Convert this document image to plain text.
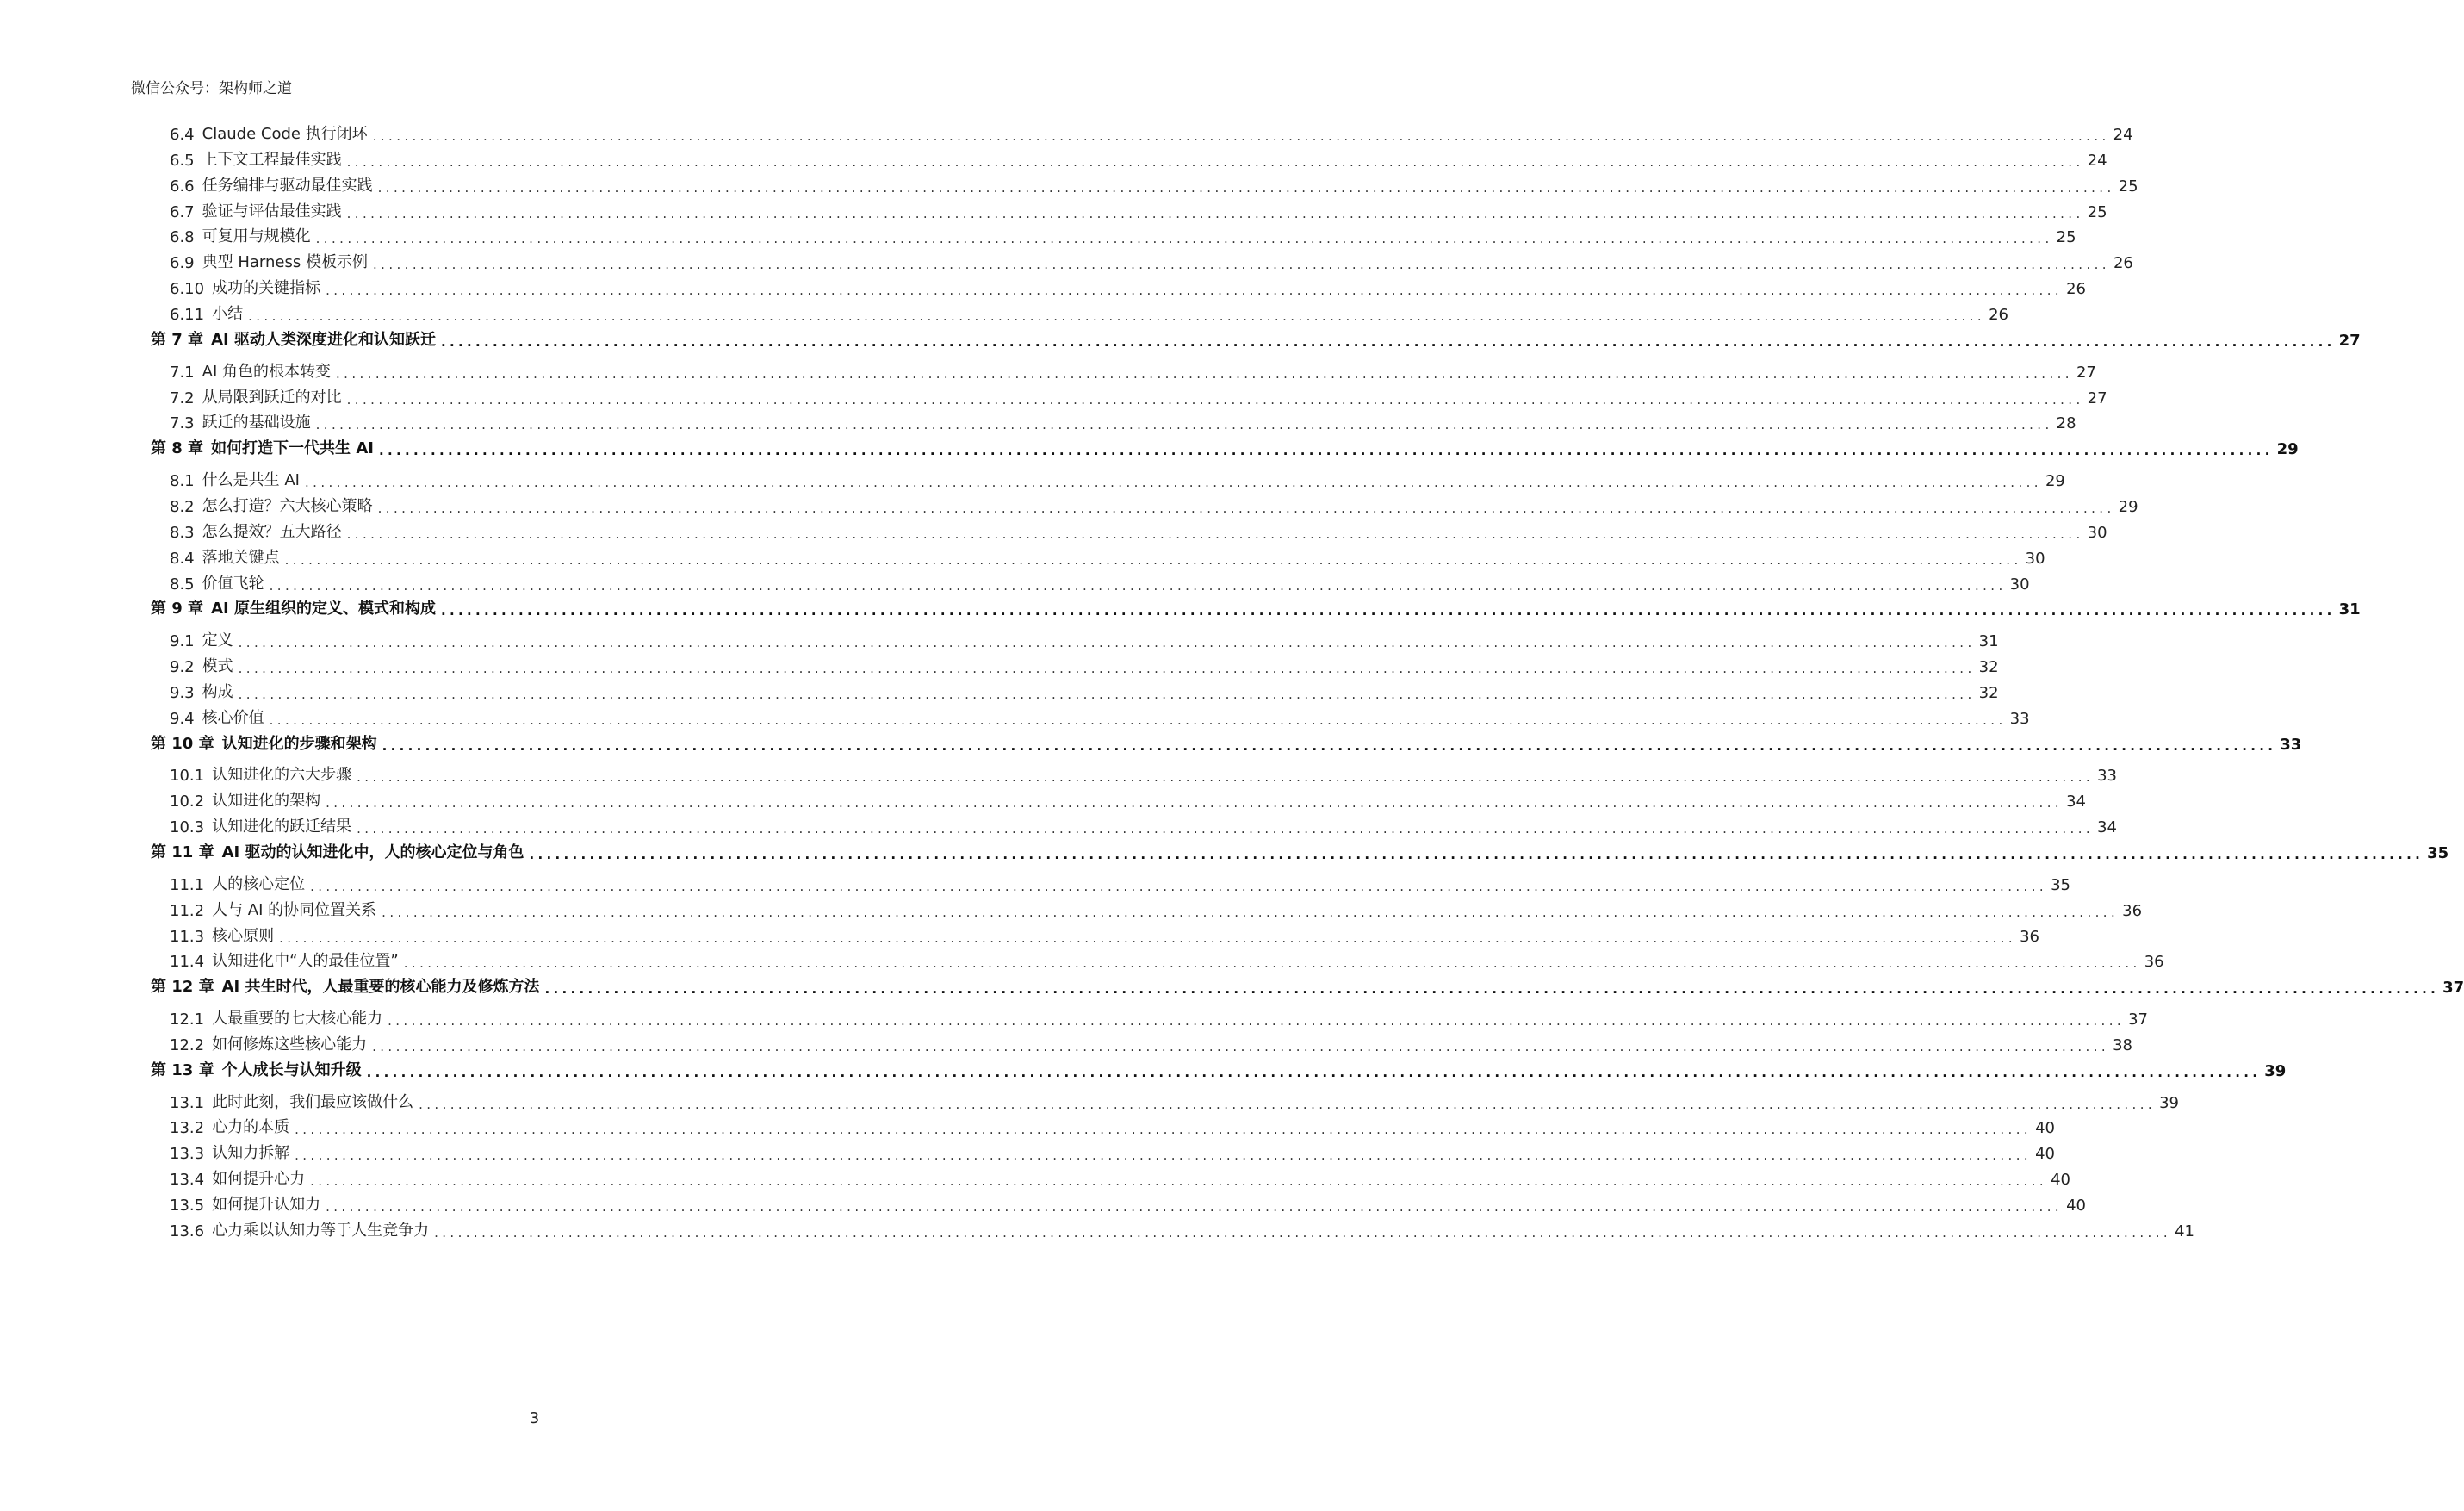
微信公众号：架构师之道
6.4 Claude Code 执行闭环 ............................................................................................................................................................................................................................ 24
6.5 上下文工程最佳实践 ............................................................................................................................................................................................................................ 24
6.6 任务编排与驱动最佳实践 ............................................................................................................................................................................................................................ 25
6.7 验证与评估最佳实践 ............................................................................................................................................................................................................................ 25
6.8 可复用与规模化 ............................................................................................................................................................................................................................ 25
6.9 典型 Harness 模板示例 ............................................................................................................................................................................................................................ 26
6.10 成功的关键指标 ............................................................................................................................................................................................................................ 26
6.11 小结 ............................................................................................................................................................................................................................ 26
第 7 章 AI 驱动人类深度进化和认知跃迁 ............................................................................................................................................................................................................................ 27
7.1 AI 角色的根本转变 ............................................................................................................................................................................................................................ 27
7.2 从局限到跃迁的对比 ............................................................................................................................................................................................................................ 27
7.3 跃迁的基础设施 ............................................................................................................................................................................................................................ 28
第 8 章 如何打造下一代共生 AI ............................................................................................................................................................................................................................ 29
8.1 什么是共生 AI ............................................................................................................................................................................................................................ 29
8.2 怎么打造？六大核心策略 ............................................................................................................................................................................................................................ 29
8.3 怎么提效？五大路径 ............................................................................................................................................................................................................................ 30
8.4 落地关键点 ............................................................................................................................................................................................................................ 30
8.5 价值飞轮 ............................................................................................................................................................................................................................ 30
第 9 章 AI 原生组织的定义、模式和构成 ............................................................................................................................................................................................................................ 31
9.1 定义 ............................................................................................................................................................................................................................ 31
9.2 模式 ............................................................................................................................................................................................................................ 32
9.3 构成 ............................................................................................................................................................................................................................ 32
9.4 核心价值 ............................................................................................................................................................................................................................ 33
第 10 章 认知进化的步骤和架构 ............................................................................................................................................................................................................................ 33
10.1 认知进化的六大步骤 ............................................................................................................................................................................................................................ 33
10.2 认知进化的架构 ............................................................................................................................................................................................................................ 34
10.3 认知进化的跃迁结果 ............................................................................................................................................................................................................................ 34
第 11 章 AI 驱动的认知进化中，人的核心定位与角色 ............................................................................................................................................................................................................................ 35
11.1 人的核心定位 ............................................................................................................................................................................................................................ 35
11.2 人与 AI 的协同位置关系 ............................................................................................................................................................................................................................ 36
11.3 核心原则 ............................................................................................................................................................................................................................ 36
11.4 认知进化中“人的最佳位置” ............................................................................................................................................................................................................................ 36
第 12 章 AI 共生时代，人最重要的核心能力及修炼方法 ............................................................................................................................................................................................................................ 37
12.1 人最重要的七大核心能力 ............................................................................................................................................................................................................................ 37
12.2 如何修炼这些核心能力 ............................................................................................................................................................................................................................ 38
第 13 章 个人成长与认知升级 ............................................................................................................................................................................................................................ 39
13.1 此时此刻，我们最应该做什么 ............................................................................................................................................................................................................................ 39
13.2 心力的本质 ............................................................................................................................................................................................................................ 40
13.3 认知力拆解 ............................................................................................................................................................................................................................ 40
13.4 如何提升心力 ............................................................................................................................................................................................................................ 40
13.5 如何提升认知力 ............................................................................................................................................................................................................................ 40
13.6 心力乘以认知力等于人生竞争力 ............................................................................................................................................................................................................................ 41
3
